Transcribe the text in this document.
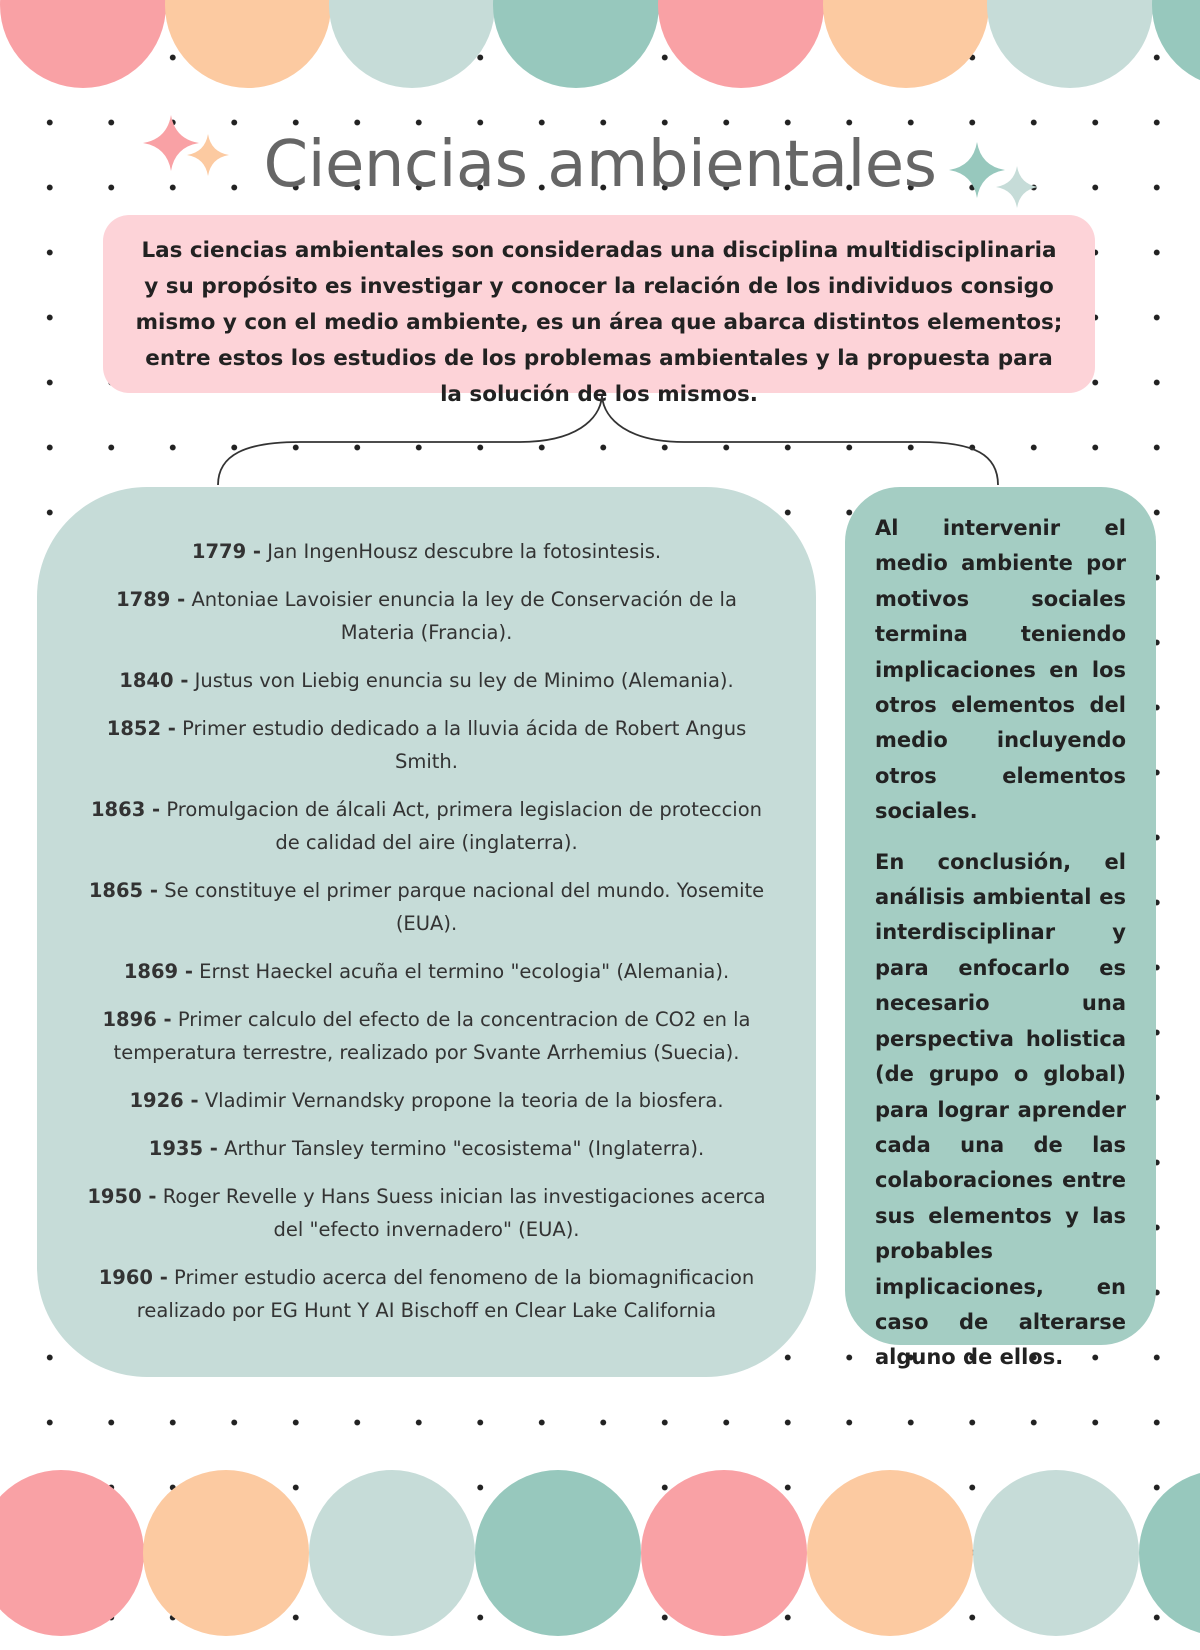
Ciencias ambientales
Las ciencias ambientales son consideradas una disciplina multidisciplinaria y su propósito es investigar y conocer la relación de los individuos consigo mismo y con el medio ambiente, es un área que abarca distintos elementos; entre estos los estudios de los problemas ambientales y la propuesta para la solución de los mismos.

1779 - Jan IngenHousz descubre la fotosintesis.

1789 - Antoniae Lavoisier enuncia la ley de Conservación de la Materia (Francia).

1840 - Justus von Liebig enuncia su ley de Minimo (Alemania).

1852 - Primer estudio dedicado a la lluvia ácida de Robert Angus Smith.

1863 - Promulgacion de álcali Act, primera legislacion de proteccion de calidad del aire (inglaterra).

1865 - Se constituye el primer parque nacional del mundo. Yosemite (EUA).

1869 - Ernst Haeckel acuña el termino "ecologia" (Alemania).

1896 - Primer calculo del efecto de la concentracion de CO2 en la temperatura terrestre, realizado por Svante Arrhemius (Suecia).

1926 - Vladimir Vernandsky propone la teoria de la biosfera.

1935 - Arthur Tansley termino "ecosistema" (Inglaterra).

1950 - Roger Revelle y Hans Suess inician las investigaciones acerca del "efecto invernadero" (EUA).

1960 - Primer estudio acerca del fenomeno de la biomagnificacion realizado por EG Hunt Y AI Bischoff en Clear Lake California

Al intervenir el medio ambiente por motivos sociales termina teniendo implicaciones en los otros elementos del medio incluyendo otros elementos sociales.

En conclusión, el análisis ambiental es interdisciplinar y para enfocarlo es necesario una perspectiva holistica (de grupo o global) para lograr aprender cada una de las colaboraciones entre sus elementos y las probables implicaciones, en caso de alterarse alguno de ellos.
